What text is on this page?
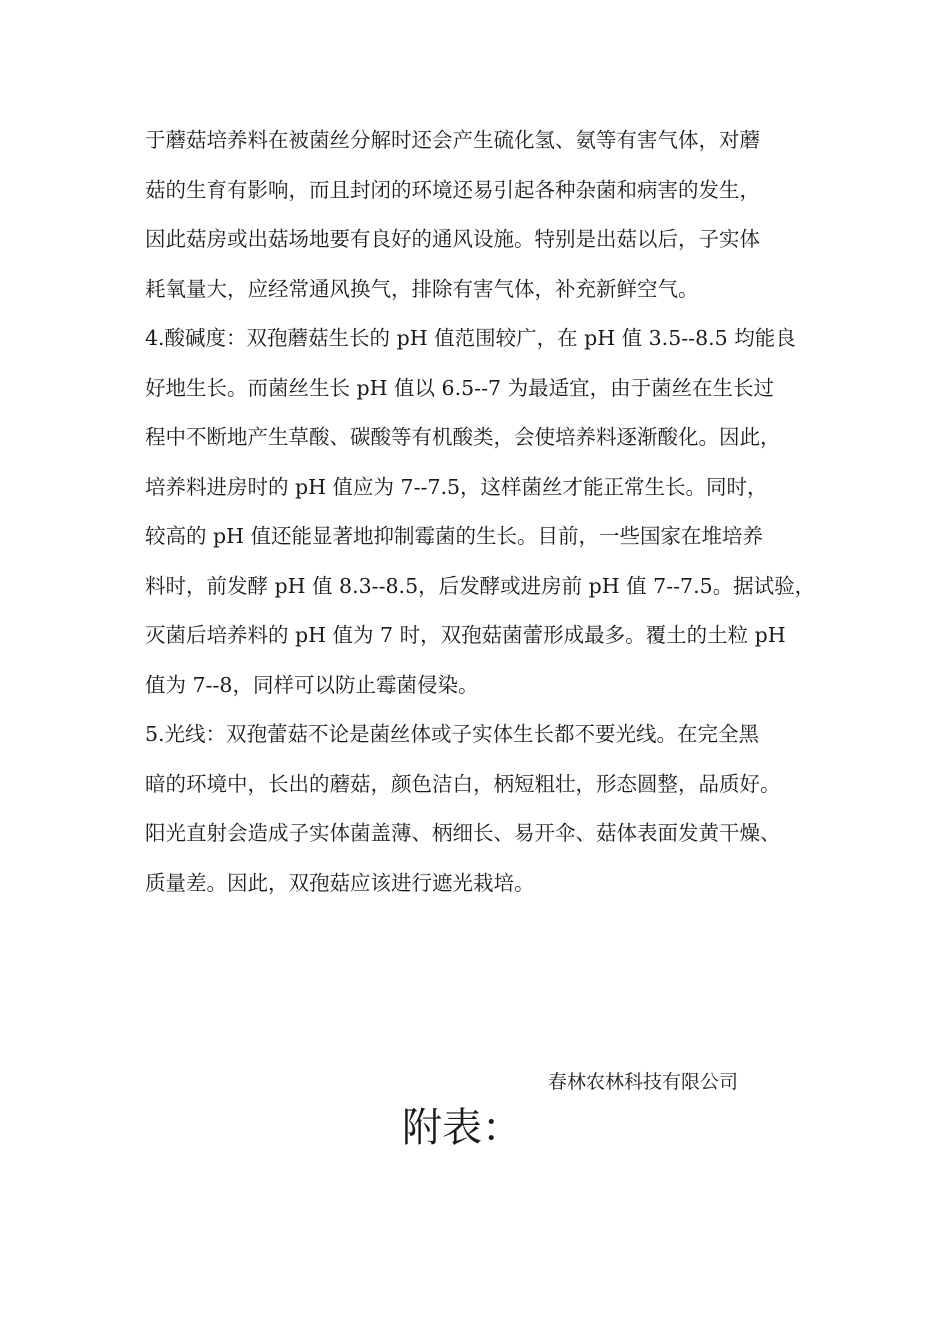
于蘑菇培养料在被菌丝分解时还会产生硫化氢、氨等有害气体，对蘑
菇的生育有影响，而且封闭的环境还易引起各种杂菌和病害的发生，
因此菇房或出菇场地要有良好的通风设施。特别是出菇以后，子实体
耗氧量大，应经常通风换气，排除有害气体，补充新鲜空气。
4.酸碱度：双孢蘑菇生长的 pH 值范围较广，在 pH 值 3.5--8.5 均能良
好地生长。而菌丝生长 pH 值以 6.5--7 为最适宜，由于菌丝在生长过
程中不断地产生草酸、碳酸等有机酸类，会使培养料逐渐酸化。因此，
培养料进房时的 pH 值应为 7--7.5，这样菌丝才能正常生长。同时，
较高的 pH 值还能显著地抑制霉菌的生长。目前，一些国家在堆培养
料时，前发酵 pH 值 8.3--8.5，后发酵或进房前 pH 值 7--7.5。据试验，
灭菌后培养料的 pH 值为 7 时，双孢菇菌蕾形成最多。覆土的土粒 pH
值为 7--8，同样可以防止霉菌侵染。
5.光线：双孢蕾菇不论是菌丝体或子实体生长都不要光线。在完全黑
暗的环境中，长出的蘑菇，颜色洁白，柄短粗壮，形态圆整，品质好。
阳光直射会造成子实体菌盖薄、柄细长、易开伞、菇体表面发黄干燥、
质量差。因此，双孢菇应该进行遮光栽培。
春林农林科技有限公司
附表：
